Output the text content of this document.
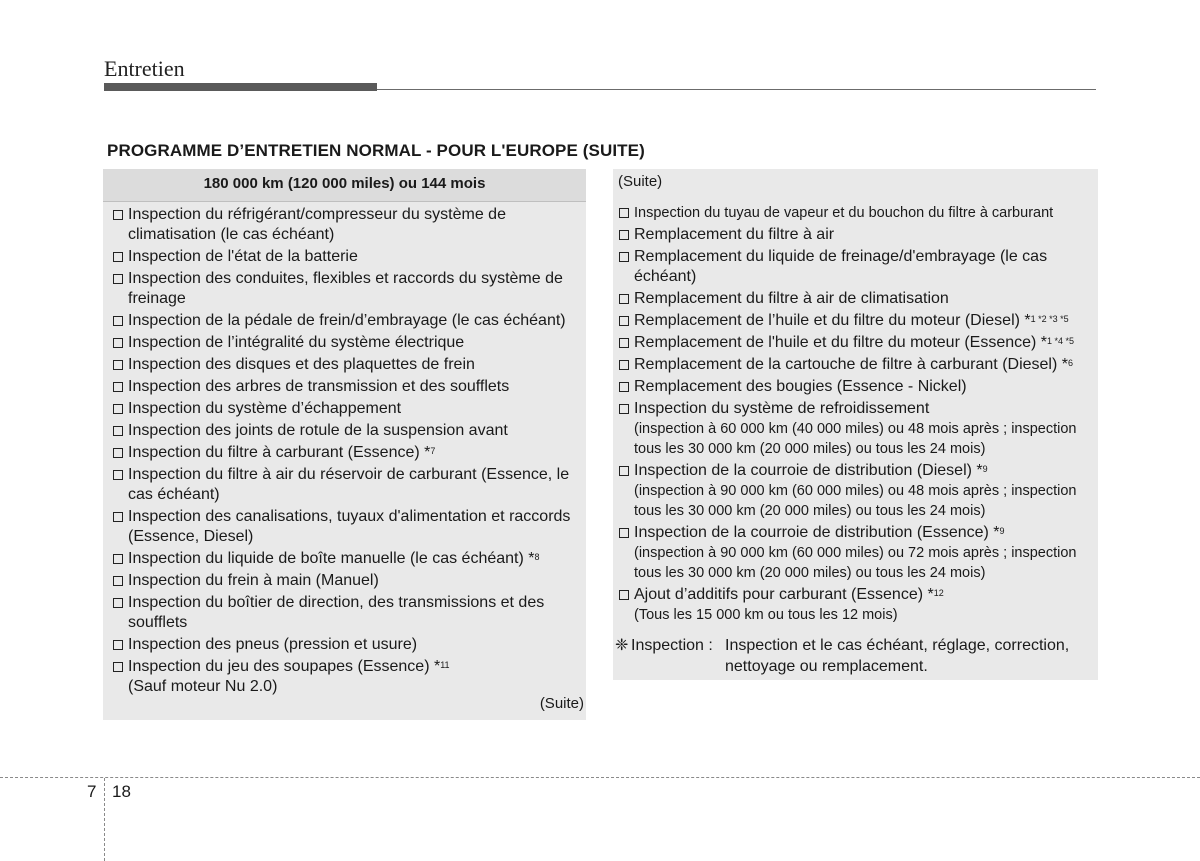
Entretien
PROGRAMME D’ENTRETIEN NORMAL - POUR L'EUROPE (SUITE)
180 000 km (120 000 miles) ou 144 mois
Inspection du réfrigérant/compresseur du système de climatisation (le cas échéant)
Inspection de l'état de la batterie
Inspection des conduites, flexibles et raccords du système de freinage
Inspection de la pédale de frein/d’embrayage (le cas échéant)
Inspection de l’intégralité du système électrique
Inspection des disques et des plaquettes de frein
Inspection des arbres de transmission et des soufflets
Inspection du système d’échappement
Inspection des joints de rotule de la suspension avant
Inspection du filtre à carburant (Essence) *$^7$
Inspection du filtre à air du réservoir de carburant (Essence, le cas échéant)
Inspection des canalisations, tuyaux d'alimentation et raccords (Essence, Diesel)
Inspection du liquide de boîte manuelle (le cas échéant) *$^8$
Inspection du frein à main (Manuel)
Inspection du boîtier de direction, des transmissions et des soufflets
Inspection des pneus (pression et usure)
Inspection du jeu des soupapes (Essence) *$^{11}$
(Sauf moteur Nu 2.0)
(Suite)
(Suite)
Inspection du tuyau de vapeur et du bouchon du filtre à carburant
Remplacement du filtre à air
Remplacement du liquide de freinage/d'embrayage (le cas échéant)
Remplacement du filtre à air de climatisation
Remplacement de l’huile et du filtre du moteur (Diesel) *$^{1 *2 *3 *5}$
Remplacement de l'huile et du filtre du moteur (Essence) *$^{1 *4 *5}$
Remplacement de la cartouche de filtre à carburant (Diesel) *$^6$
Remplacement des bougies (Essence - Nickel)
Inspection du système de refroidissement
(inspection à 60 000 km (40 000 miles) ou 48 mois après ; inspection tous les 30 000 km (20 000 miles) ou tous les 24 mois)
Inspection de la courroie de distribution (Diesel) *$^9$
(inspection à 90 000 km (60 000 miles) ou 48 mois après ; inspection tous les 30 000 km (20 000 miles) ou tous les 24 mois)
Inspection de la courroie de distribution (Essence) *$^9$
(inspection à 90 000 km (60 000 miles) ou 72 mois après ; inspection tous les 30 000 km (20 000 miles) ou tous les 24 mois)
Ajout d’additifs pour carburant (Essence) *$^{12}$
(Tous les 15 000 km ou tous les 12 mois)
❈ Inspection : Inspection et le cas échéant, réglage, correction, nettoyage ou remplacement.
7 18
